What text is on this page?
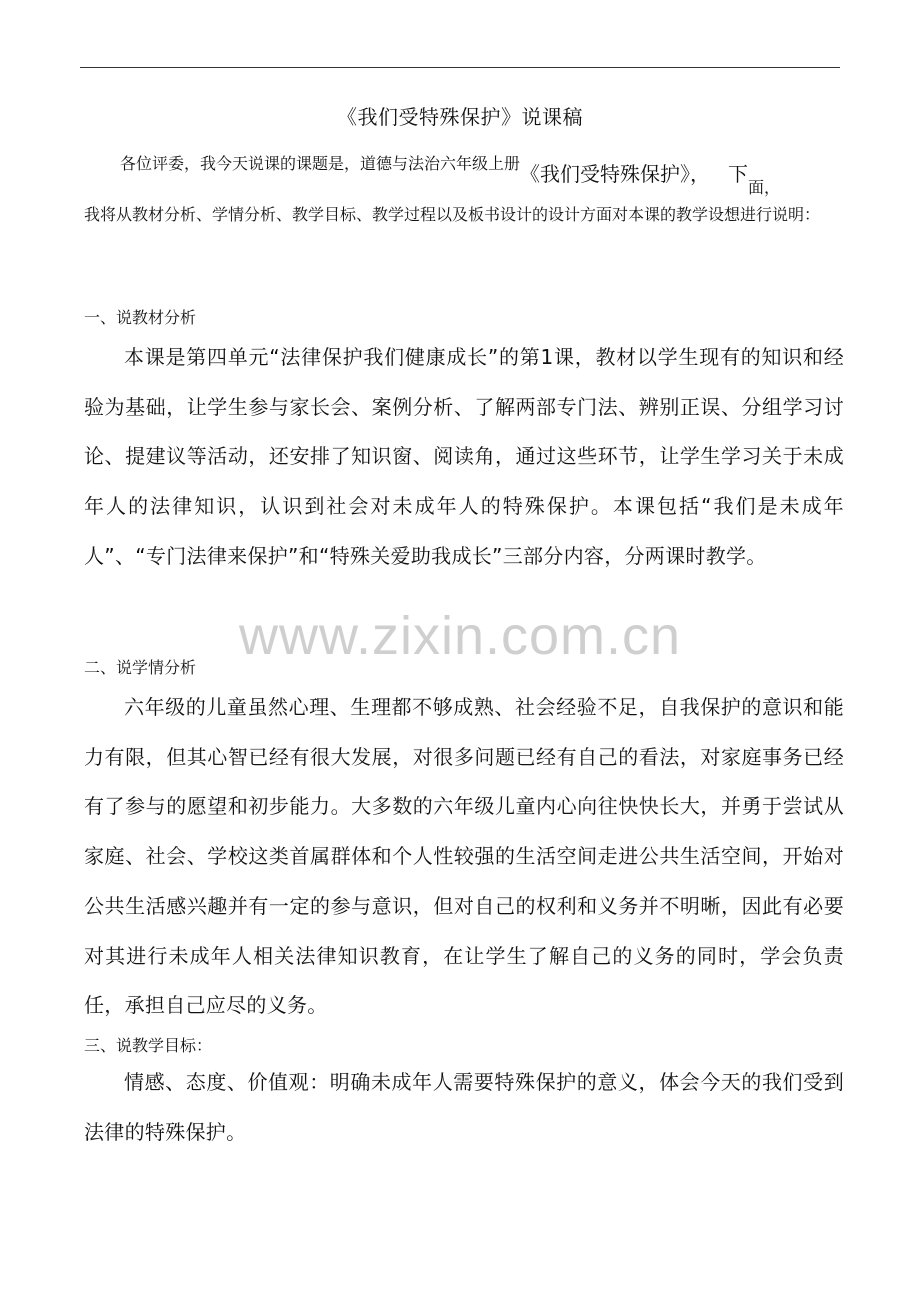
《我们受特殊保护》说课稿
各位评委，我今天说课的课题是，道德与法治六年级上册《我们受特殊保护》， 下面，
我将从教材分析、学情分析、教学目标、教学过程以及板书设计的设计方面对本课的教学设想进行说明：
一、说教材分析
本课是第四单元“法律保护我们健康成长”的第1课，教材以学生现有的知识和经验为基础，让学生参与家长会、案例分析、了解两部专门法、辨别正误、分组学习讨论、提建议等活动，还安排了知识窗、阅读角，通过这些环节，让学生学习关于未成年人的法律知识，认识到社会对未成年人的特殊保护。本课包括“我们是未成年人”、“专门法律来保护”和“特殊关爱助我成长”三部分内容，分两课时教学。
www.zixin.com.cn
二、说学情分析
六年级的儿童虽然心理、生理都不够成熟、社会经验不足，自我保护的意识和能力有限，但其心智已经有很大发展，对很多问题已经有自己的看法，对家庭事务已经有了参与的愿望和初步能力。大多数的六年级儿童内心向往快快长大，并勇于尝试从家庭、社会、学校这类首属群体和个人性较强的生活空间走进公共生活空间，开始对公共生活感兴趣并有一定的参与意识，但对自己的权利和义务并不明晰，因此有必要对其进行未成年人相关法律知识教育，在让学生了解自己的义务的同时，学会负责任，承担自己应尽的义务。
三、说教学目标：
情感、态度、价值观：明确未成年人需要特殊保护的意义，体会今天的我们受到法律的特殊保护。
